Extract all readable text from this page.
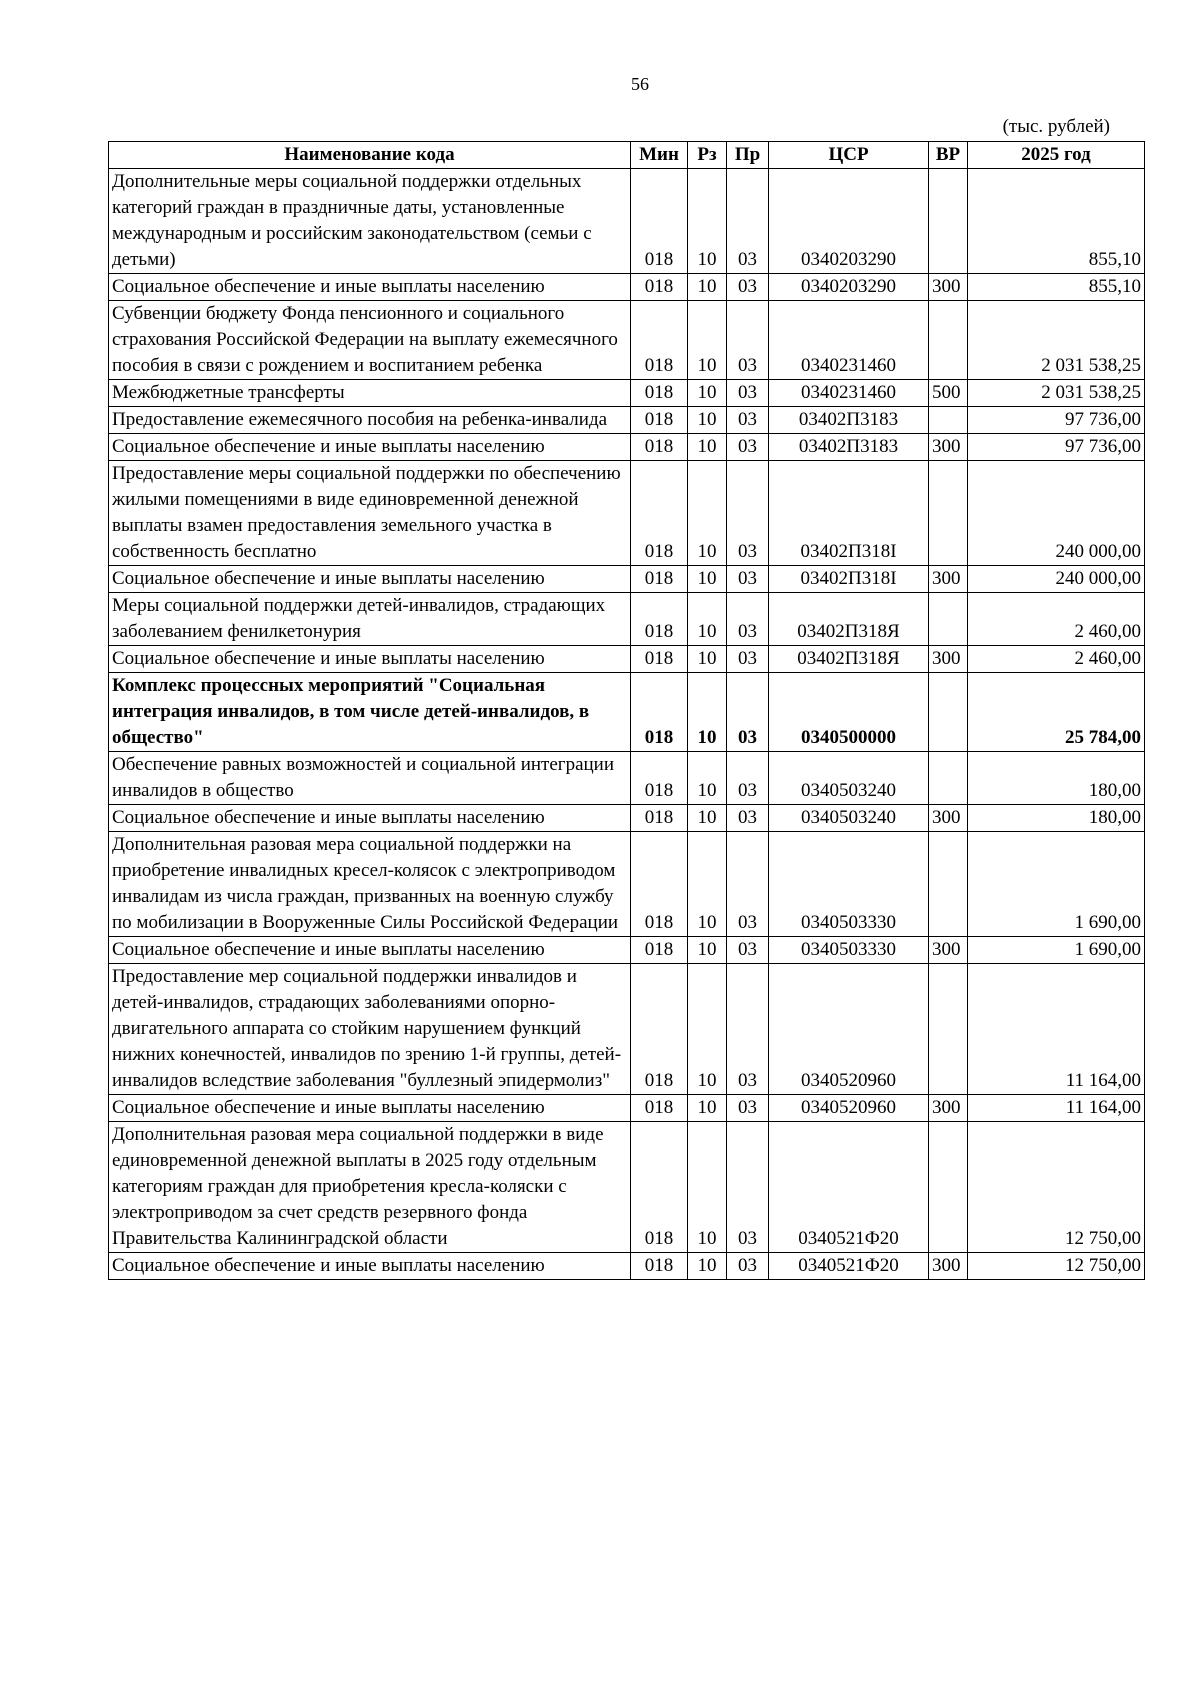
56
(тыс. рублей)
Наименование кода	Мин	Рз	Пр	ЦСР	ВР	2025 год
Дополнительные меры социальной поддержки отдельных категорий граждан в праздничные даты, установленные международным и российским законодательством (семьи с детьми)	018	10	03	0340203290		855,10
Социальное обеспечение и иные выплаты населению	018	10	03	0340203290	300	855,10
Субвенции бюджету Фонда пенсионного и социального страхования Российской Федерации на выплату ежемесячного пособия в связи с рождением и воспитанием ребенка	018	10	03	0340231460		2 031 538,25
Межбюджетные трансферты	018	10	03	0340231460	500	2 031 538,25
Предоставление ежемесячного пособия на ребенка-инвалида	018	10	03	03402П3183		97 736,00
Социальное обеспечение и иные выплаты населению	018	10	03	03402П3183	300	97 736,00
Предоставление меры социальной поддержки по обеспечению жилыми помещениями в виде единовременной денежной выплаты взамен предоставления земельного участка в собственность бесплатно	018	10	03	03402П318I		240 000,00
Социальное обеспечение и иные выплаты населению	018	10	03	03402П318I	300	240 000,00
Меры социальной поддержки детей-инвалидов, страдающих заболеванием фенилкетонурия	018	10	03	03402П318Я		2 460,00
Социальное обеспечение и иные выплаты населению	018	10	03	03402П318Я	300	2 460,00
Комплекс процессных мероприятий "Социальная интеграция инвалидов, в том числе детей-инвалидов, в общество"	018	10	03	0340500000		25 784,00
Обеспечение равных возможностей и социальной интеграции инвалидов в общество	018	10	03	0340503240		180,00
Социальное обеспечение и иные выплаты населению	018	10	03	0340503240	300	180,00
Дополнительная разовая мера социальной поддержки на приобретение инвалидных кресел-колясок с электроприводом инвалидам из числа граждан, призванных на военную службу по мобилизации в Вооруженные Силы Российской Федерации	018	10	03	0340503330		1 690,00
Социальное обеспечение и иные выплаты населению	018	10	03	0340503330	300	1 690,00
Предоставление мер социальной поддержки инвалидов и детей-инвалидов, страдающих заболеваниями опорно-двигательного аппарата со стойким нарушением функций нижних конечностей, инвалидов по зрению 1-й группы, детей-инвалидов вследствие заболевания "буллезный эпидермолиз"	018	10	03	0340520960		11 164,00
Социальное обеспечение и иные выплаты населению	018	10	03	0340520960	300	11 164,00
Дополнительная разовая мера социальной поддержки в виде единовременной денежной выплаты в 2025 году отдельным категориям граждан для приобретения кресла-коляски с электроприводом за счет средств резервного фонда Правительства Калининградской области	018	10	03	0340521Ф20		12 750,00
Социальное обеспечение и иные выплаты населению	018	10	03	0340521Ф20	300	12 750,00
